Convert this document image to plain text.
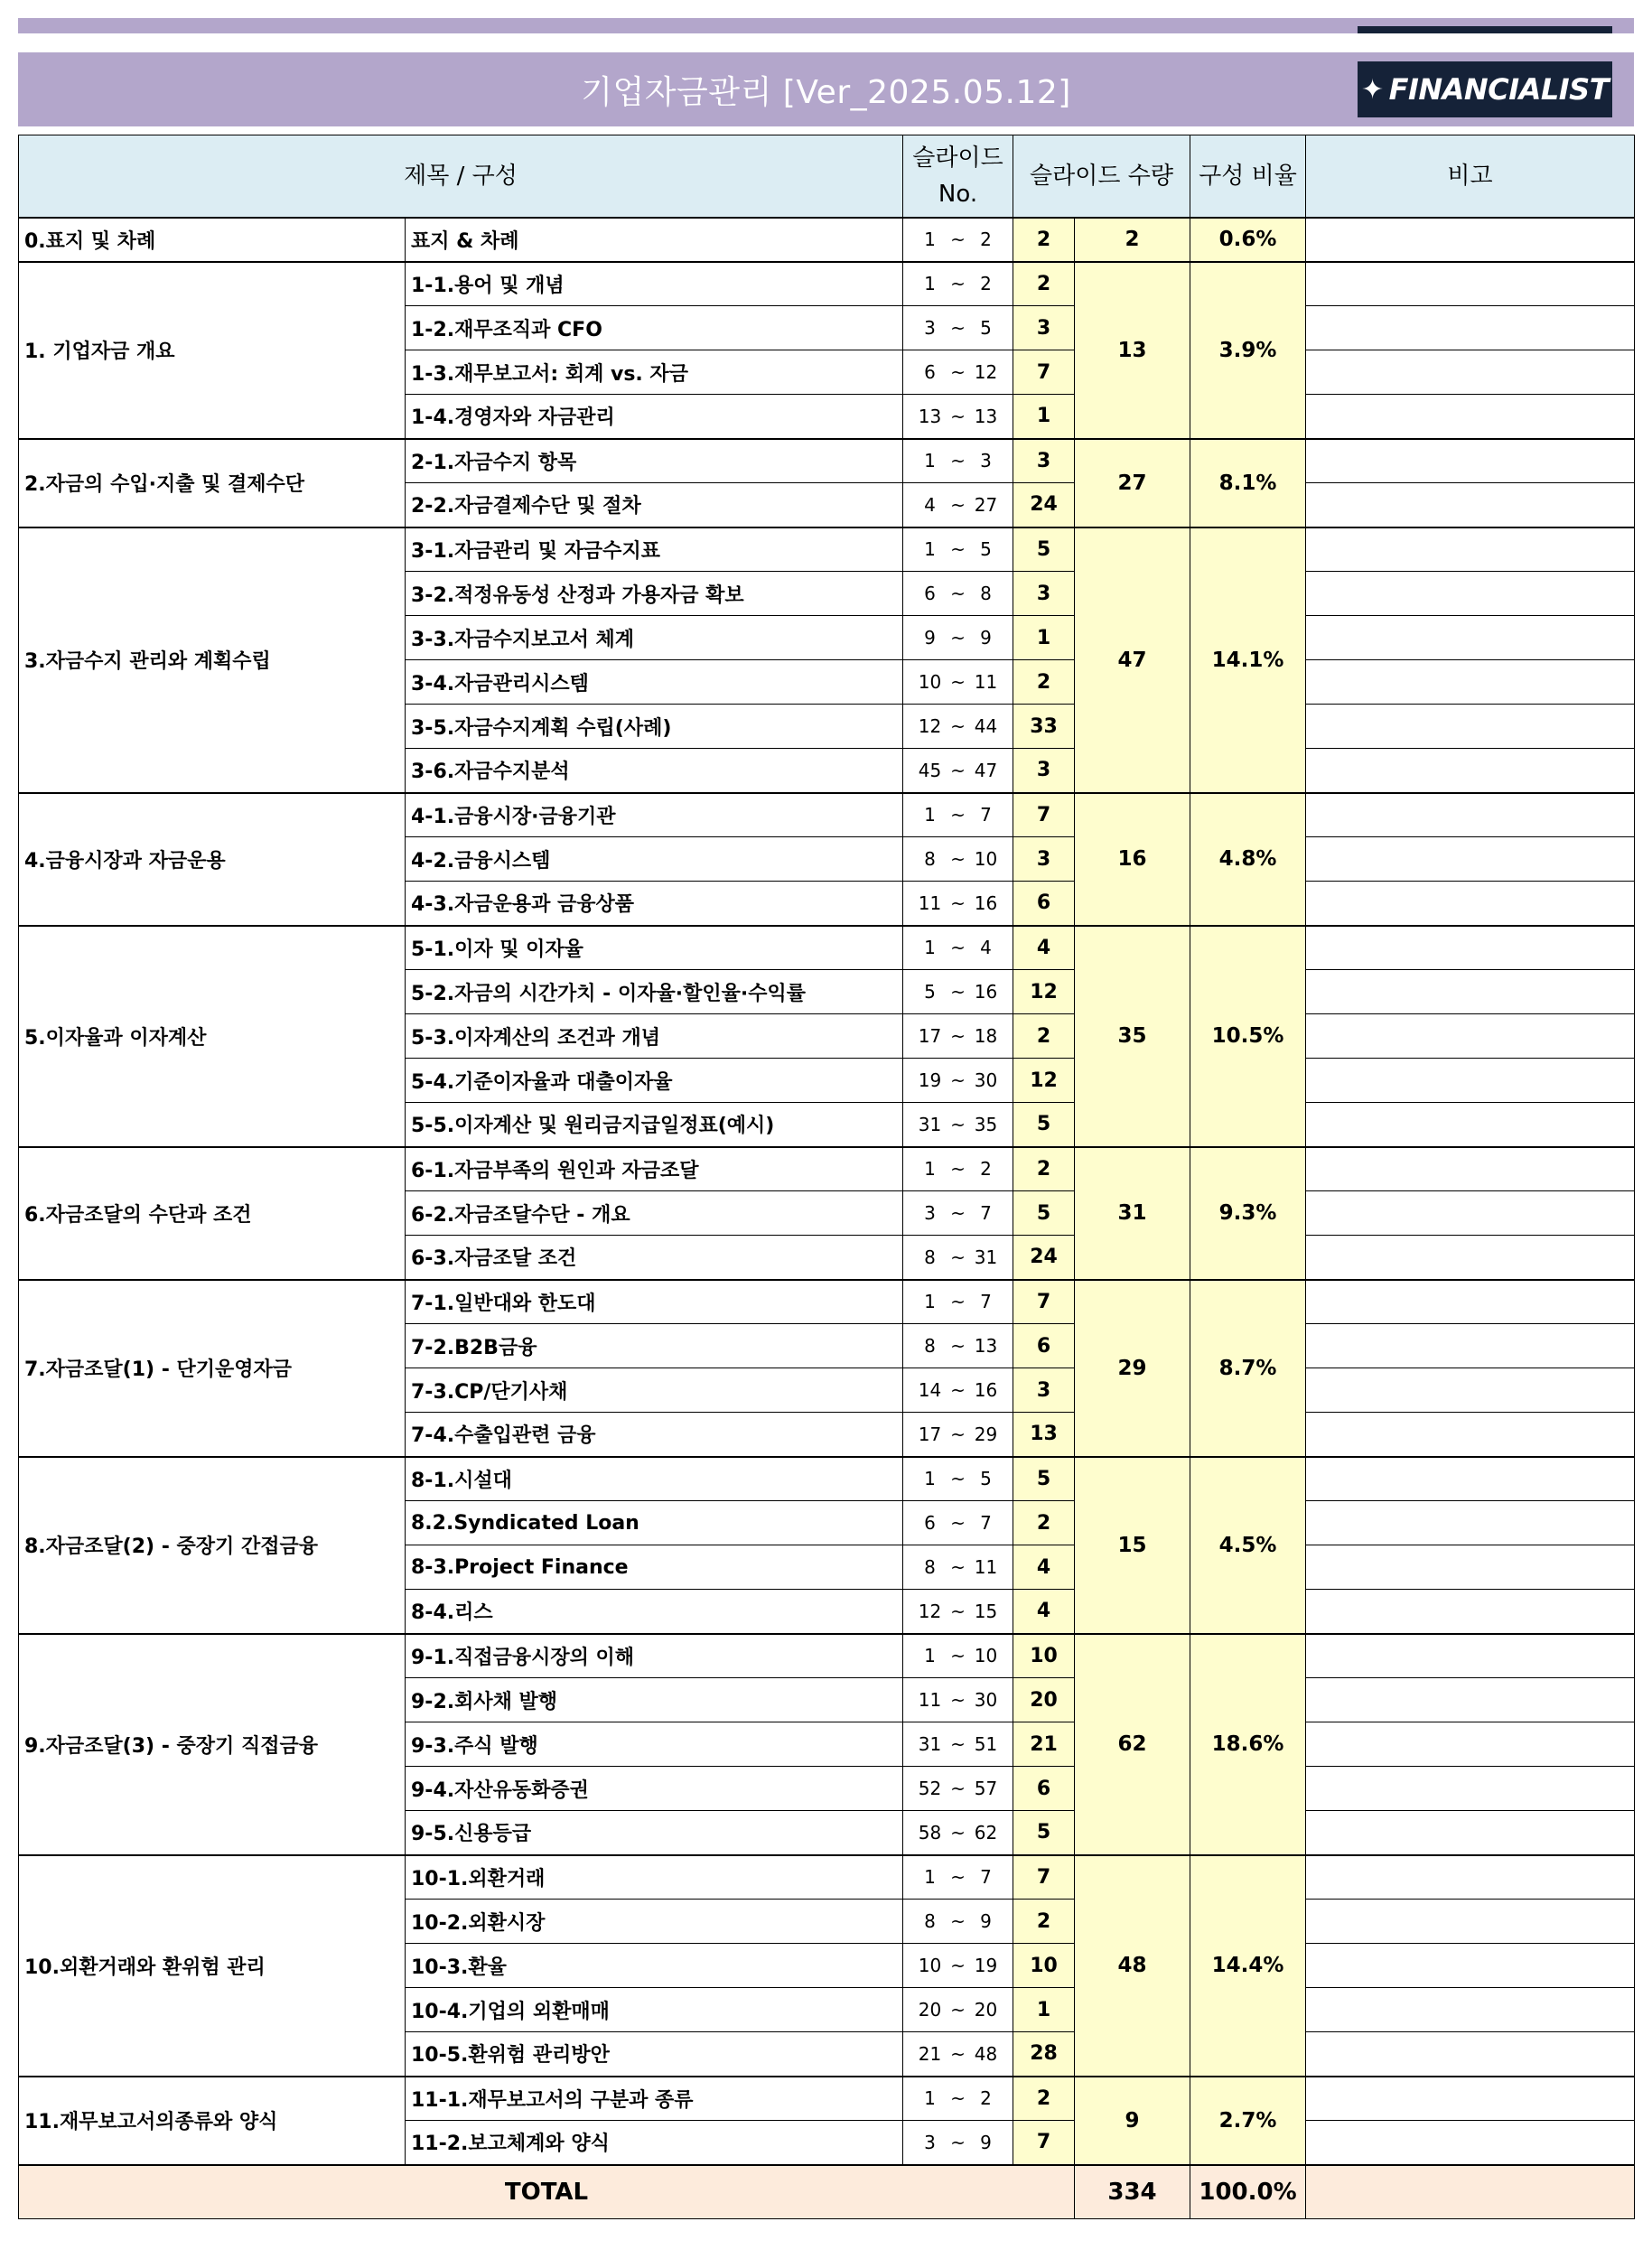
기업자금관리 [Ver_2025.05.12]	✦ FINANCIALIST
제목 / 구성		슬라이드 No.	슬라이드 수량		구성 비율	비고
0.표지 및 차례	표지 & 차례	1 ~ 2	2	2	0.6%	
1. 기업자금 개요	1-1.용어 및 개념	1 ~ 2	2	13	3.9%	
	1-2.재무조직과 CFO	3 ~ 5	3			
	1-3.재무보고서: 회계 vs. 자금	6 ~ 12	7			
	1-4.경영자와 자금관리	13 ~ 13	1			
2.자금의 수입·지출 및 결제수단	2-1.자금수지 항목	1 ~ 3	3	27	8.1%	
	2-2.자금결제수단 및 절차	4 ~ 27	24			
3.자금수지 관리와 계획수립	3-1.자금관리 및 자금수지표	1 ~ 5	5	47	14.1%	
	3-2.적정유동성 산정과 가용자금 확보	6 ~ 8	3			
	3-3.자금수지보고서 체계	9 ~ 9	1			
	3-4.자금관리시스템	10 ~ 11	2			
	3-5.자금수지계획 수립(사례)	12 ~ 44	33			
	3-6.자금수지분석	45 ~ 47	3			
4.금융시장과 자금운용	4-1.금융시장·금융기관	1 ~ 7	7	16	4.8%	
	4-2.금융시스템	8 ~ 10	3			
	4-3.자금운용과 금융상품	11 ~ 16	6			
5.이자율과 이자계산	5-1.이자 및 이자율	1 ~ 4	4	35	10.5%	
	5-2.자금의 시간가치 - 이자율·할인율·수익률	5 ~ 16	12			
	5-3.이자계산의 조건과 개념	17 ~ 18	2			
	5-4.기준이자율과 대출이자율	19 ~ 30	12			
	5-5.이자계산 및 원리금지급일정표(예시)	31 ~ 35	5			
6.자금조달의 수단과 조건	6-1.자금부족의 원인과 자금조달	1 ~ 2	2	31	9.3%	
	6-2.자금조달수단 - 개요	3 ~ 7	5			
	6-3.자금조달 조건	8 ~ 31	24			
7.자금조달(1) - 단기운영자금	7-1.일반대와 한도대	1 ~ 7	7	29	8.7%	
	7-2.B2B금융	8 ~ 13	6			
	7-3.CP/단기사채	14 ~ 16	3			
	7-4.수출입관련 금융	17 ~ 29	13			
8.자금조달(2) - 중장기 간접금융	8-1.시설대	1 ~ 5	5	15	4.5%	
	8.2.Syndicated Loan	6 ~ 7	2			
	8-3.Project Finance	8 ~ 11	4			
	8-4.리스	12 ~ 15	4			
9.자금조달(3) - 중장기 직접금융	9-1.직접금융시장의 이해	1 ~ 10	10	62	18.6%	
	9-2.회사채 발행	11 ~ 30	20			
	9-3.주식 발행	31 ~ 51	21			
	9-4.자산유동화증권	52 ~ 57	6			
	9-5.신용등급	58 ~ 62	5			
10.외환거래와 환위험 관리	10-1.외환거래	1 ~ 7	7	48	14.4%	
	10-2.외환시장	8 ~ 9	2			
	10-3.환율	10 ~ 19	10			
	10-4.기업의 외환매매	20 ~ 20	1			
	10-5.환위험 관리방안	21 ~ 48	28			
11.재무보고서의종류와 양식	11-1.재무보고서의 구분과 종류	1 ~ 2	2	9	2.7%	
	11-2.보고체계와 양식	3 ~ 9	7			
TOTAL				334	100.0%	
